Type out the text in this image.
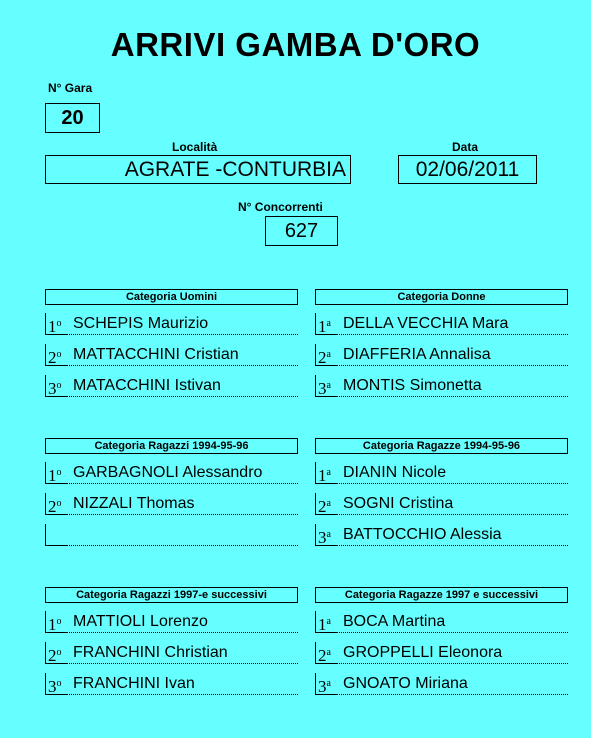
ARRIVI GAMBA D'ORO
N° Gara
20
Località
AGRATE -CONTURBIA
Data
02/06/2011
N° Concorrenti
627
Categoria Uomini
1$^o$ SCHEPIS Maurizio
2$^o$ MATTACCHINI Cristian
3$^o$ MATACCHINI Istivan
Categoria Donne
1$^a$ DELLA VECCHIA Mara
2$^a$ DIAFFERIA Annalisa
3$^a$ MONTIS Simonetta
Categoria Ragazzi 1994-95-96
1$^o$ GARBAGNOLI Alessandro
2$^o$ NIZZALI Thomas
Categoria Ragazze 1994-95-96
1$^a$ DIANIN Nicole
2$^a$ SOGNI Cristina
3$^a$ BATTOCCHIO Alessia
Categoria Ragazzi 1997-e successivi
1$^o$ MATTIOLI Lorenzo
2$^o$ FRANCHINI Christian
3$^o$ FRANCHINI Ivan
Categoria Ragazze 1997 e successivi
1$^a$ BOCA Martina
2$^a$ GROPPELLI Eleonora
3$^a$ GNOATO Miriana
